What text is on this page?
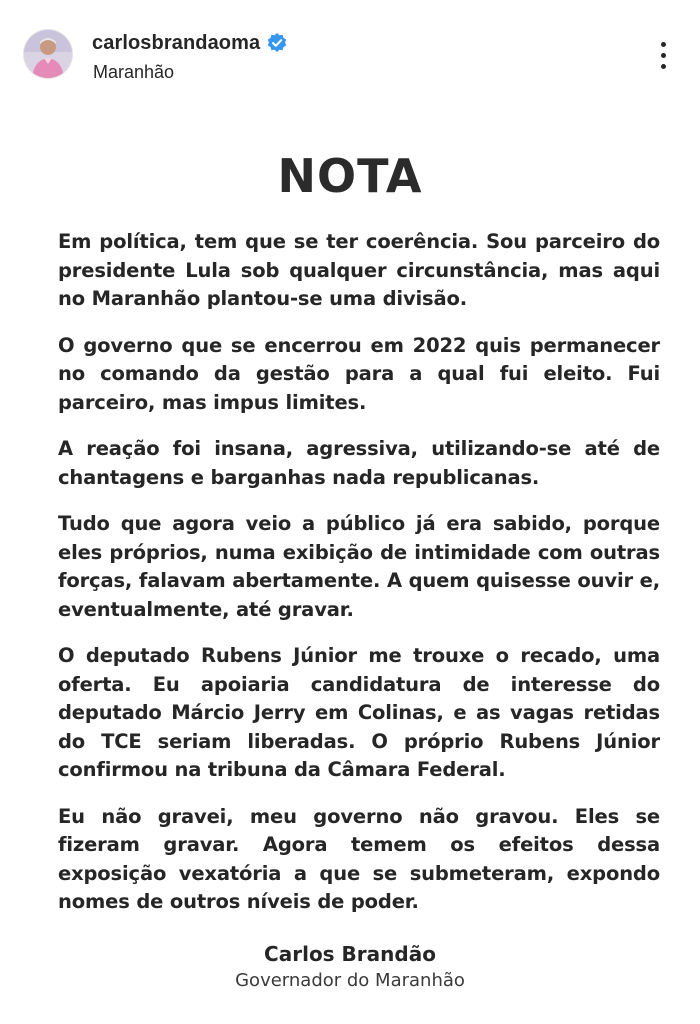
carlosbrandaoma
Maranhão
NOTA

Em política, tem que se ter coerência. Sou parceiro do presidente Lula sob qualquer circunstância, mas aqui no Maranhão plantou-se uma divisão.

O governo que se encerrou em 2022 quis permanecer no comando da gestão para a qual fui eleito. Fui parceiro, mas impus limites.

A reação foi insana, agressiva, utilizando-se até de chantagens e barganhas nada republicanas.

Tudo que agora veio a público já era sabido, porque eles próprios, numa exibição de intimidade com outras forças, falavam abertamente. A quem quisesse ouvir e, eventualmente, até gravar.

O deputado Rubens Júnior me trouxe o recado, uma oferta. Eu apoiaria candidatura de interesse do deputado Márcio Jerry em Colinas, e as vagas retidas do TCE seriam liberadas. O próprio Rubens Júnior confirmou na tribuna da Câmara Federal.

Eu não gravei, meu governo não gravou. Eles se fizeram gravar. Agora temem os efeitos dessa exposição vexatória a que se submeteram, expondo nomes de outros níveis de poder.

Carlos Brandão
Governador do Maranhão
